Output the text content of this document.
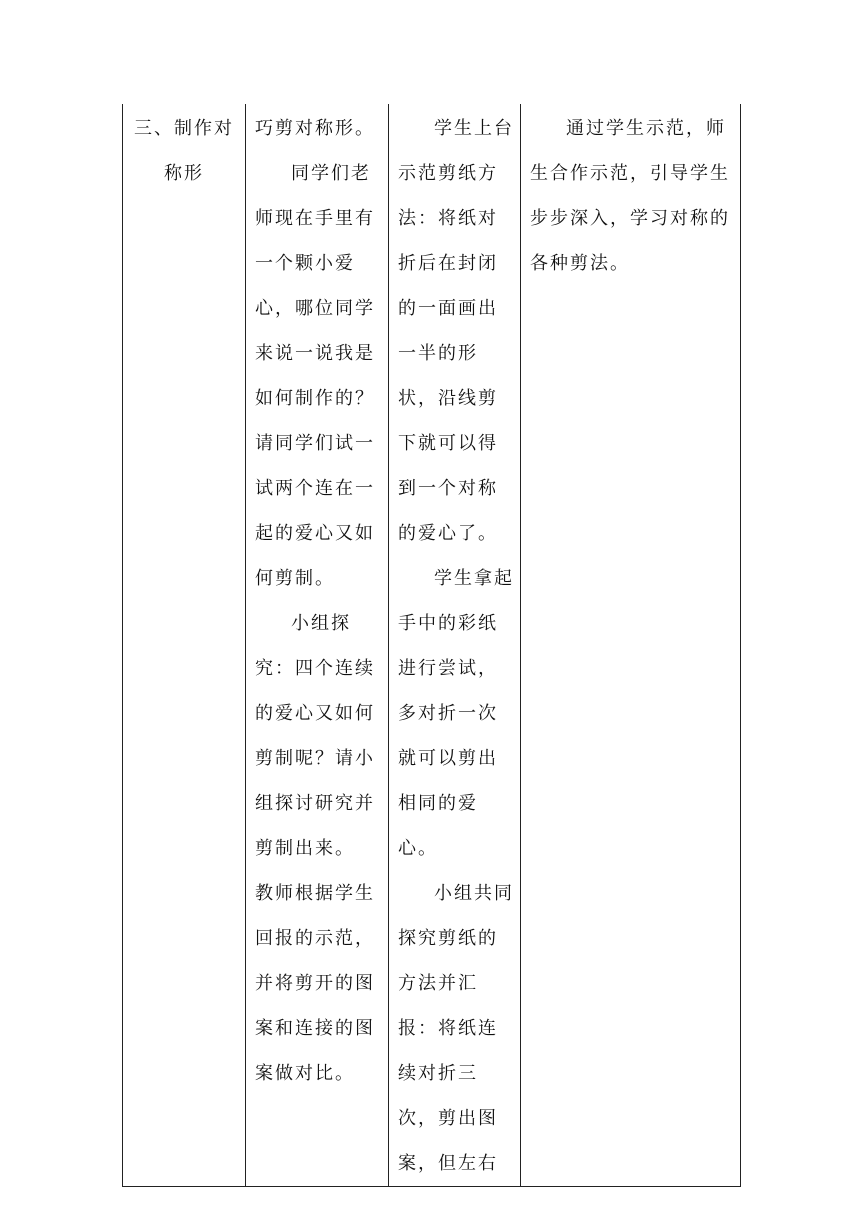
三、制作对称形

巧剪对称形。
同学们老师现在手里有一个颗小爱心，哪位同学来说一说我是如何制作的？请同学们试一试两个连在一起的爱心又如何剪制。
小组探究：四个连续的爱心又如何剪制呢？请小组探讨研究并剪制出来。
教师根据学生回报的示范，并将剪开的图案和连接的图案做对比。

学生上台示范剪纸方法：将纸对折后在封闭的一面画出一半的形状，沿线剪下就可以得到一个对称的爱心了。
学生拿起手中的彩纸进行尝试，多对折一次就可以剪出相同的爱心。
小组共同探究剪纸的方法并汇报：将纸连续对折三次，剪出图案，但左右

通过学生示范，师生合作示范，引导学生步步深入，学习对称的各种剪法。
